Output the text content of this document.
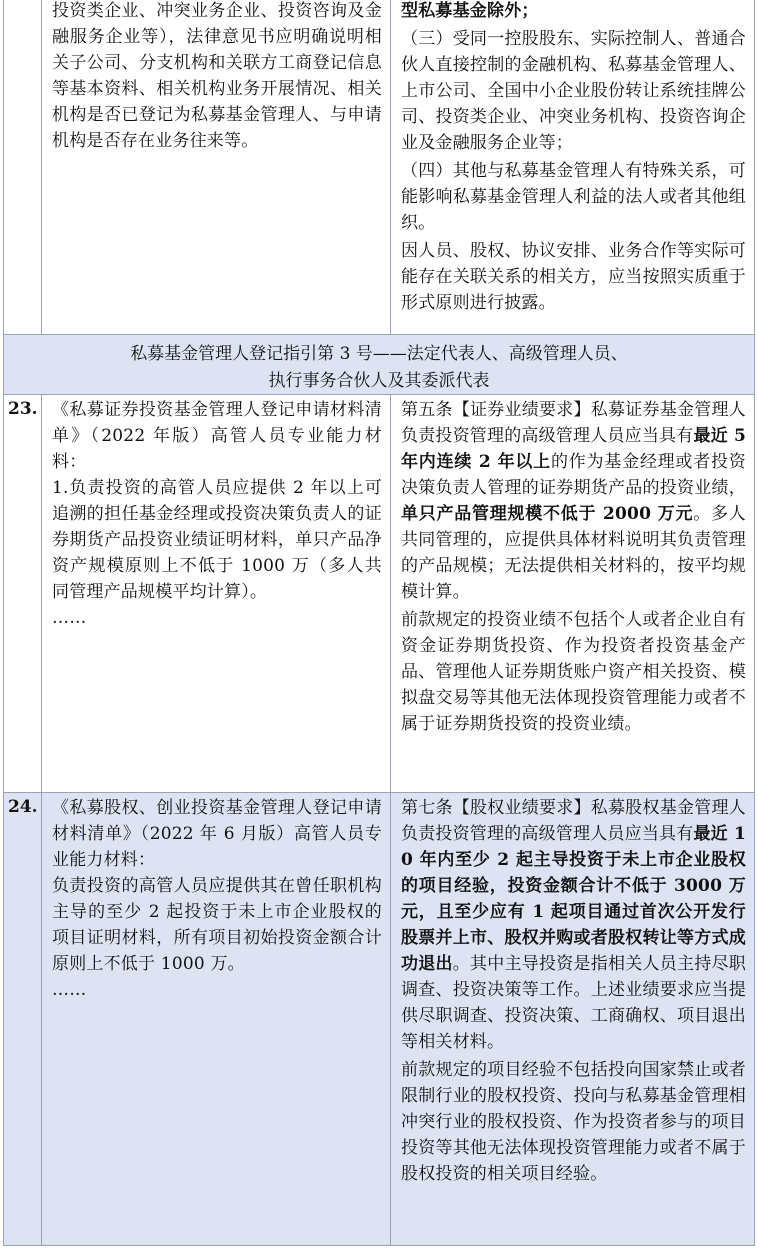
投资类企业、冲突业务企业、投资咨询及金融服务企业等），法律意见书应明确说明相关子公司、分支机构和关联方工商登记信息等基本资料、相关机构业务开展情况、相关机构是否已登记为私募基金管理人、与申请机构是否存在业务往来等。
型私募基金除外；
（三）受同一控股股东、实际控制人、普通合伙人直接控制的金融机构、私募基金管理人、上市公司、全国中小企业股份转让系统挂牌公司、投资类企业、冲突业务机构、投资咨询企业及金融服务企业等；
（四）其他与私募基金管理人有特殊关系，可能影响私募基金管理人利益的法人或者其他组织。
因人员、股权、协议安排、业务合作等实际可能存在关联关系的相关方，应当按照实质重于形式原则进行披露。
私募基金管理人登记指引第 3 号——法定代表人、高级管理人员、
执行事务合伙人及其委派代表
23. 《私募证券投资基金管理人登记申请材料清单》（2022 年版）高管人员专业能力材料：
1.负责投资的高管人员应提供 2 年以上可追溯的担任基金经理或投资决策负责人的证券期货产品投资业绩证明材料，单只产品净资产规模原则上不低于 1000 万（多人共同管理产品规模平均计算）。
……
第五条【证券业绩要求】私募证券基金管理人负责投资管理的高级管理人员应当具有最近 5 年内连续 2 年以上的作为基金经理或者投资决策负责人管理的证券期货产品的投资业绩，单只产品管理规模不低于 2000 万元。多人共同管理的，应提供具体材料说明其负责管理的产品规模；无法提供相关材料的，按平均规模计算。
前款规定的投资业绩不包括个人或者企业自有资金证券期货投资、作为投资者投资基金产品、管理他人证券期货账户资产相关投资、模拟盘交易等其他无法体现投资管理能力或者不属于证券期货投资的投资业绩。
24. 《私募股权、创业投资基金管理人登记申请材料清单》（2022 年 6 月版）高管人员专业能力材料：
负责投资的高管人员应提供其在曾任职机构主导的至少 2 起投资于未上市企业股权的项目证明材料，所有项目初始投资金额合计原则上不低于 1000 万。
……
第七条【股权业绩要求】私募股权基金管理人负责投资管理的高级管理人员应当具有最近 10 年内至少 2 起主导投资于未上市企业股权的项目经验，投资金额合计不低于 3000 万元，且至少应有 1 起项目通过首次公开发行股票并上市、股权并购或者股权转让等方式成功退出。其中主导投资是指相关人员主持尽职调查、投资决策等工作。上述业绩要求应当提供尽职调查、投资决策、工商确权、项目退出等相关材料。
前款规定的项目经验不包括投向国家禁止或者限制行业的股权投资、投向与私募基金管理相冲突行业的股权投资、作为投资者参与的项目投资等其他无法体现投资管理能力或者不属于股权投资的相关项目经验。
